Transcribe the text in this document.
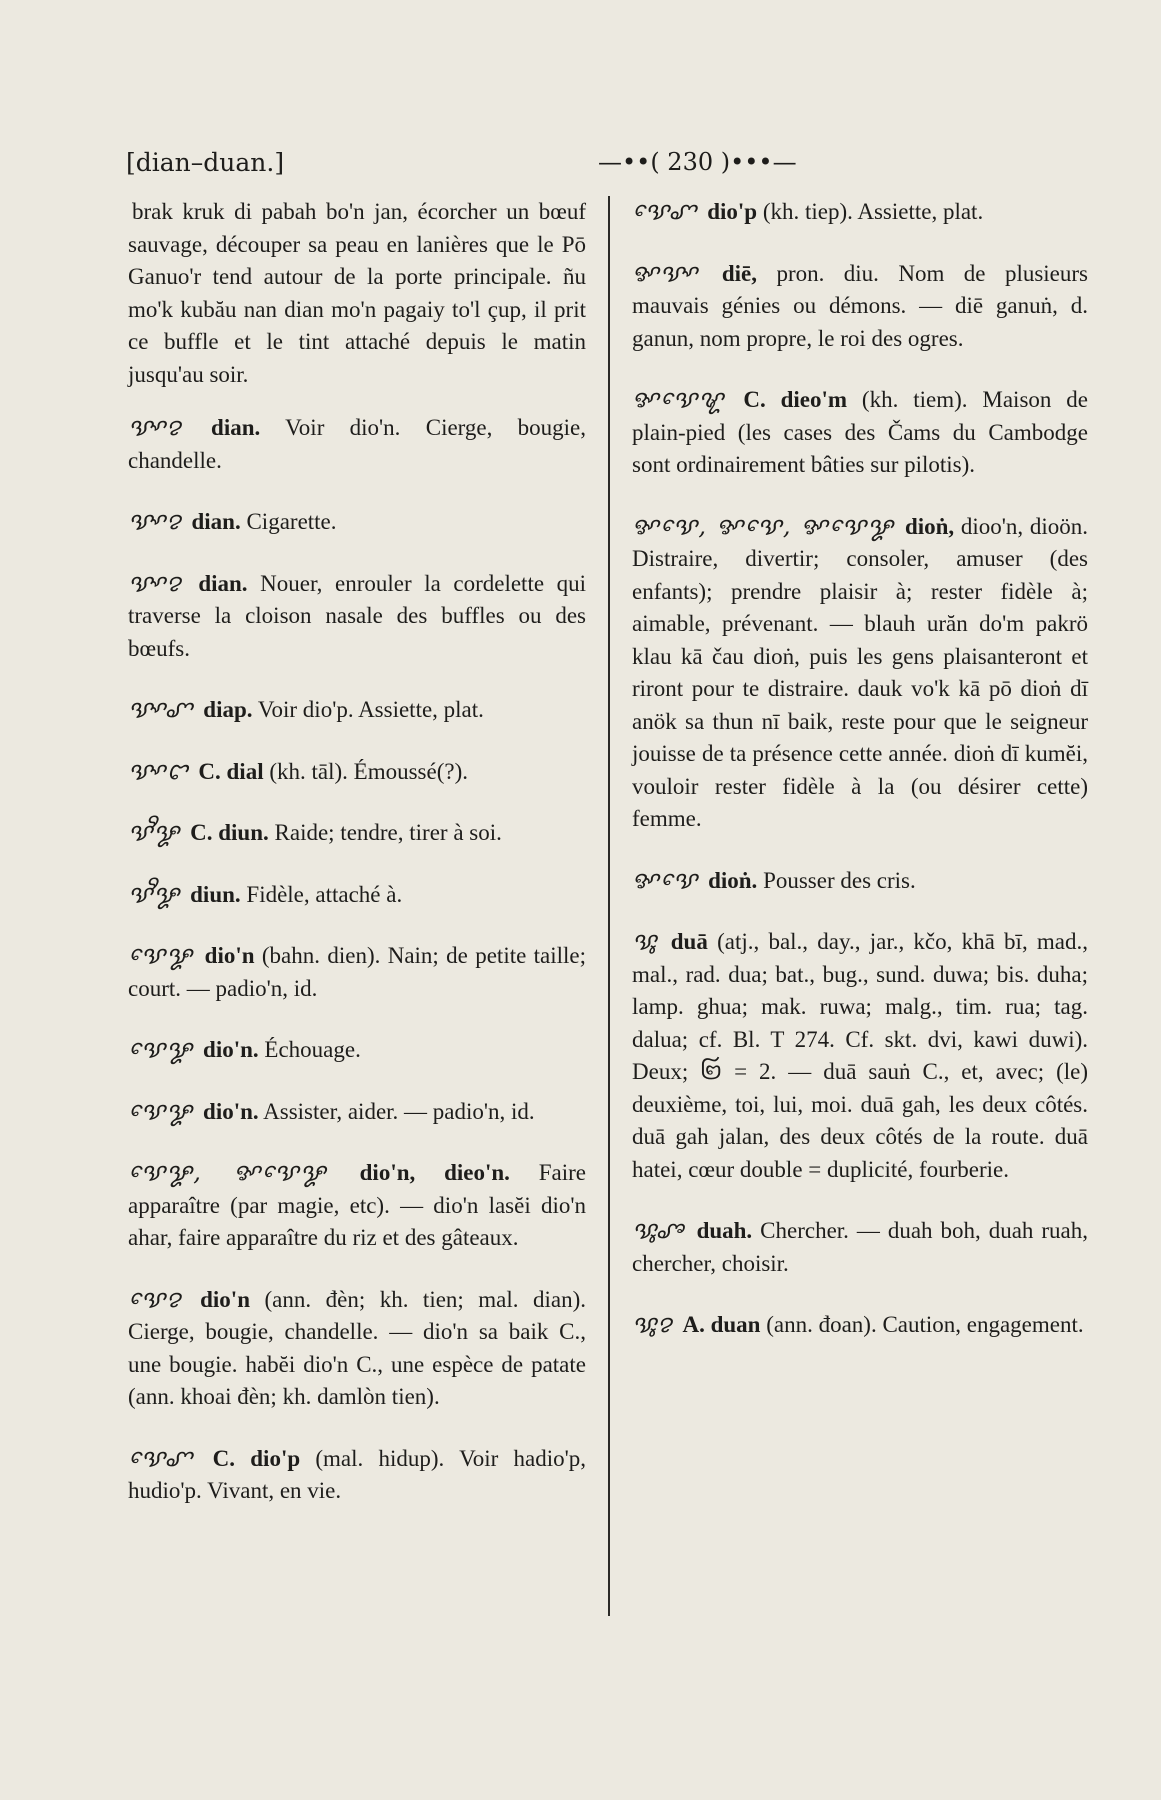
[dian–duan.]	—••( 230 )•••—

brak kruk di pabah bo'n jan, écorcher un bœuf sauvage, découper sa peau en lanières que le Pō Ganuo'r tend autour de la porte principale. ñu mo'k kubău nan dian mo'n pagaiy to'l çup, il prit ce buffle et le tint attaché depuis le matin jusqu'au soir.

ꨕꨳꨂ dian. Voir dio'n. Cierge, bougie, chandelle.

ꨕꨳꨂ dian. Cigarette.

ꨕꨳꨂ dian. Nouer, enrouler la cordelette qui traverse la cloison nasale des buffles ou des bœufs.

ꨕꨳꨚ diap. Voir dio'p. Assiette, plat.

ꨕꨳꨤ C. dial (kh. tāl). Émoussé(?).

ꨕꨪꨋ C. diun. Raide; tendre, tirer à soi.

ꨕꨪꨋ diun. Fidèle, attaché à.

ꨕꨯꨋ dio'n (bahn. dien). Nain; de petite taille; court. — padio'n, id.

ꨕꨯꨋ dio'n. Échouage.

ꨕꨯꨋ dio'n. Assister, aider. — padio'n, id.

ꨕꨯꨋ, ꨀꨕꨯꨋ dio'n, dieo'n. Faire apparaître (par magie, etc). — dio'n lasĕi dio'n ahar, faire apparaître du riz et des gâteaux.

ꨕꨯꨂ dio'n (ann. đèn; kh. tien; mal. dian). Cierge, bougie, chandelle. — dio'n sa baik C., une bougie. habĕi dio'n C., une espèce de patate (ann. khoai đèn; kh. damlòn tien).

ꨕꨯꨚ C. dio'p (mal. hidup). Voir hadio'p, hudio'p. Vivant, en vie.

ꨕꨯꨚ dio'p (kh. tiep). Assiette, plat.

ꨀꨕꨳ diē, pron. diu. Nom de plusieurs mauvais génies ou démons. — diē ganuṅ, d. ganun, nom propre, le roi des ogres.

ꨀꨕꨯꨠ C. dieo'm (kh. tiem). Maison de plain-pied (les cases des Čams du Cambodge sont ordinairement bâties sur pilotis).

ꨀꨕꨯ, ꨀꨕꨯ, ꨀꨕꨯꨋ dioṅ, dioo'n, dioön. Distraire, divertir; consoler, amuser (des enfants); prendre plaisir à; rester fidèle à; aimable, prévenant. — blauh urăn do'm pakrö klau kā čau dioṅ, puis les gens plaisanteront et riront pour te distraire. dauk vo'k kā pō dioṅ dī anök sa thun nī baik, reste pour que le seigneur jouisse de ta présence cette année. dioṅ dī kumĕi, vouloir rester fidèle à la (ou désirer cette) femme.

ꨀꨕꨯ dioṅ. Pousser des cris.

ꨕꨶ duā (atj., bal., day., jar., kčo, khā bī, mad., mal., rad. dua; bat., bug., sund. duwa; bis. duha; lamp. ghua; mak. ruwa; malg., tim. rua; tag. dalua; cf. Bl. T 274. Cf. skt. dvi, kawi duwi). Deux; ꩒ = 2. — duā sauṅ C., et, avec; (le) deuxième, toi, lui, moi. duā gah, les deux côtés. duā gah jalan, des deux côtés de la route. duā hatei, cœur double = duplicité, fourberie.

ꨕꨶꨨ duah. Chercher. — duah boh, duah ruah, chercher, choisir.

ꨕꨶꨂ A. duan (ann. đoan). Caution, engagement.
